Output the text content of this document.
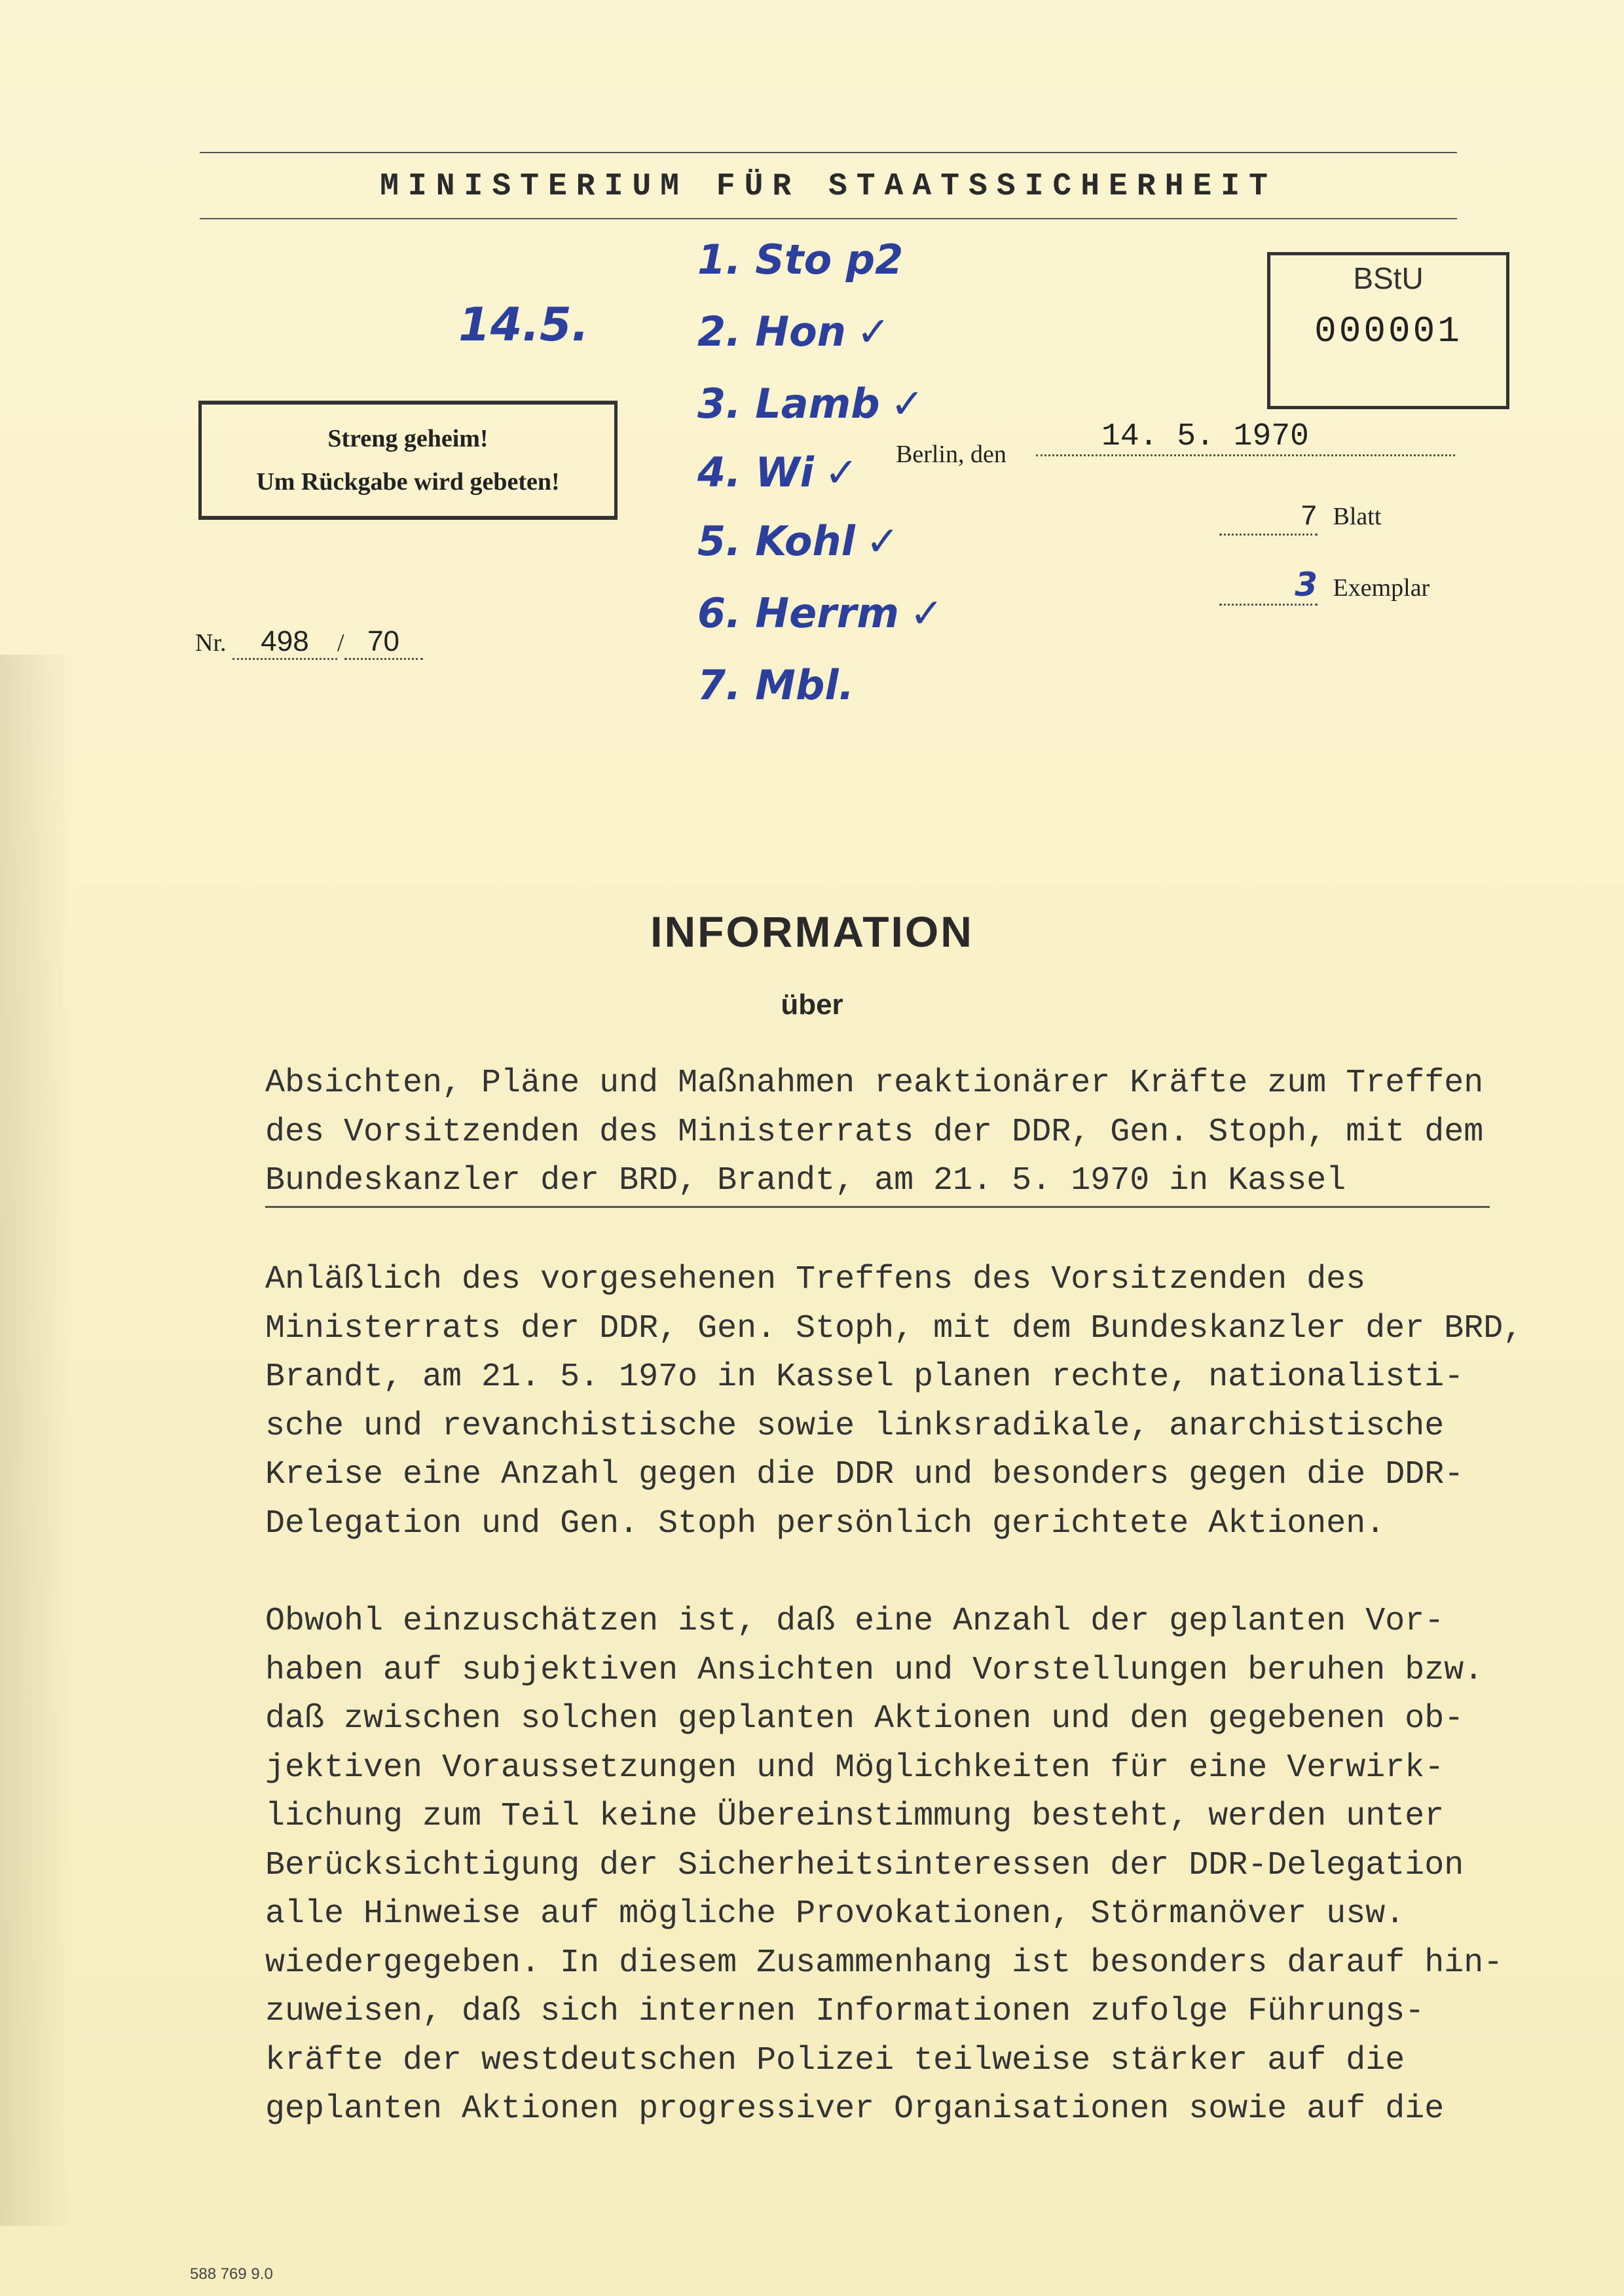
MINISTERIUM FÜR STAATSSICHERHEIT
14.5.
1. Sto p2
2. Hon ✓
3. Lamb ✓
4. Wi ✓
5. Kohl ✓
6. Herrm ✓
7. Mbl.
BStU
000001
Streng geheim!
Um Rückgabe wird gebeten!
Berlin, den	14. 5. 1970
7 Blatt
3 Exemplar
Nr. 498 / 70
INFORMATION
über
Absichten, Pläne und Maßnahmen reaktionärer Kräfte zum Treffen
des Vorsitzenden des Ministerrats der DDR, Gen. Stoph, mit dem
Bundeskanzler der BRD, Brandt, am 21. 5. 1970 in Kassel
Anläßlich des vorgesehenen Treffens des Vorsitzenden des
Ministerrats der DDR, Gen. Stoph, mit dem Bundeskanzler der BRD,
Brandt, am 21. 5. 197o in Kassel planen rechte, nationalisti-
sche und revanchistische sowie linksradikale, anarchistische
Kreise eine Anzahl gegen die DDR und besonders gegen die DDR-
Delegation und Gen. Stoph persönlich gerichtete Aktionen.
Obwohl einzuschätzen ist, daß eine Anzahl der geplanten Vor-
haben auf subjektiven Ansichten und Vorstellungen beruhen bzw.
daß zwischen solchen geplanten Aktionen und den gegebenen ob-
jektiven Voraussetzungen und Möglichkeiten für eine Verwirk-
lichung zum Teil keine Übereinstimmung besteht, werden unter
Berücksichtigung der Sicherheitsinteressen der DDR-Delegation
alle Hinweise auf mögliche Provokationen, Störmanöver usw.
wiedergegeben. In diesem Zusammenhang ist besonders darauf hin-
zuweisen, daß sich internen Informationen zufolge Führungs-
kräfte der westdeutschen Polizei teilweise stärker auf die
geplanten Aktionen progressiver Organisationen sowie auf die
588 769 9.0
